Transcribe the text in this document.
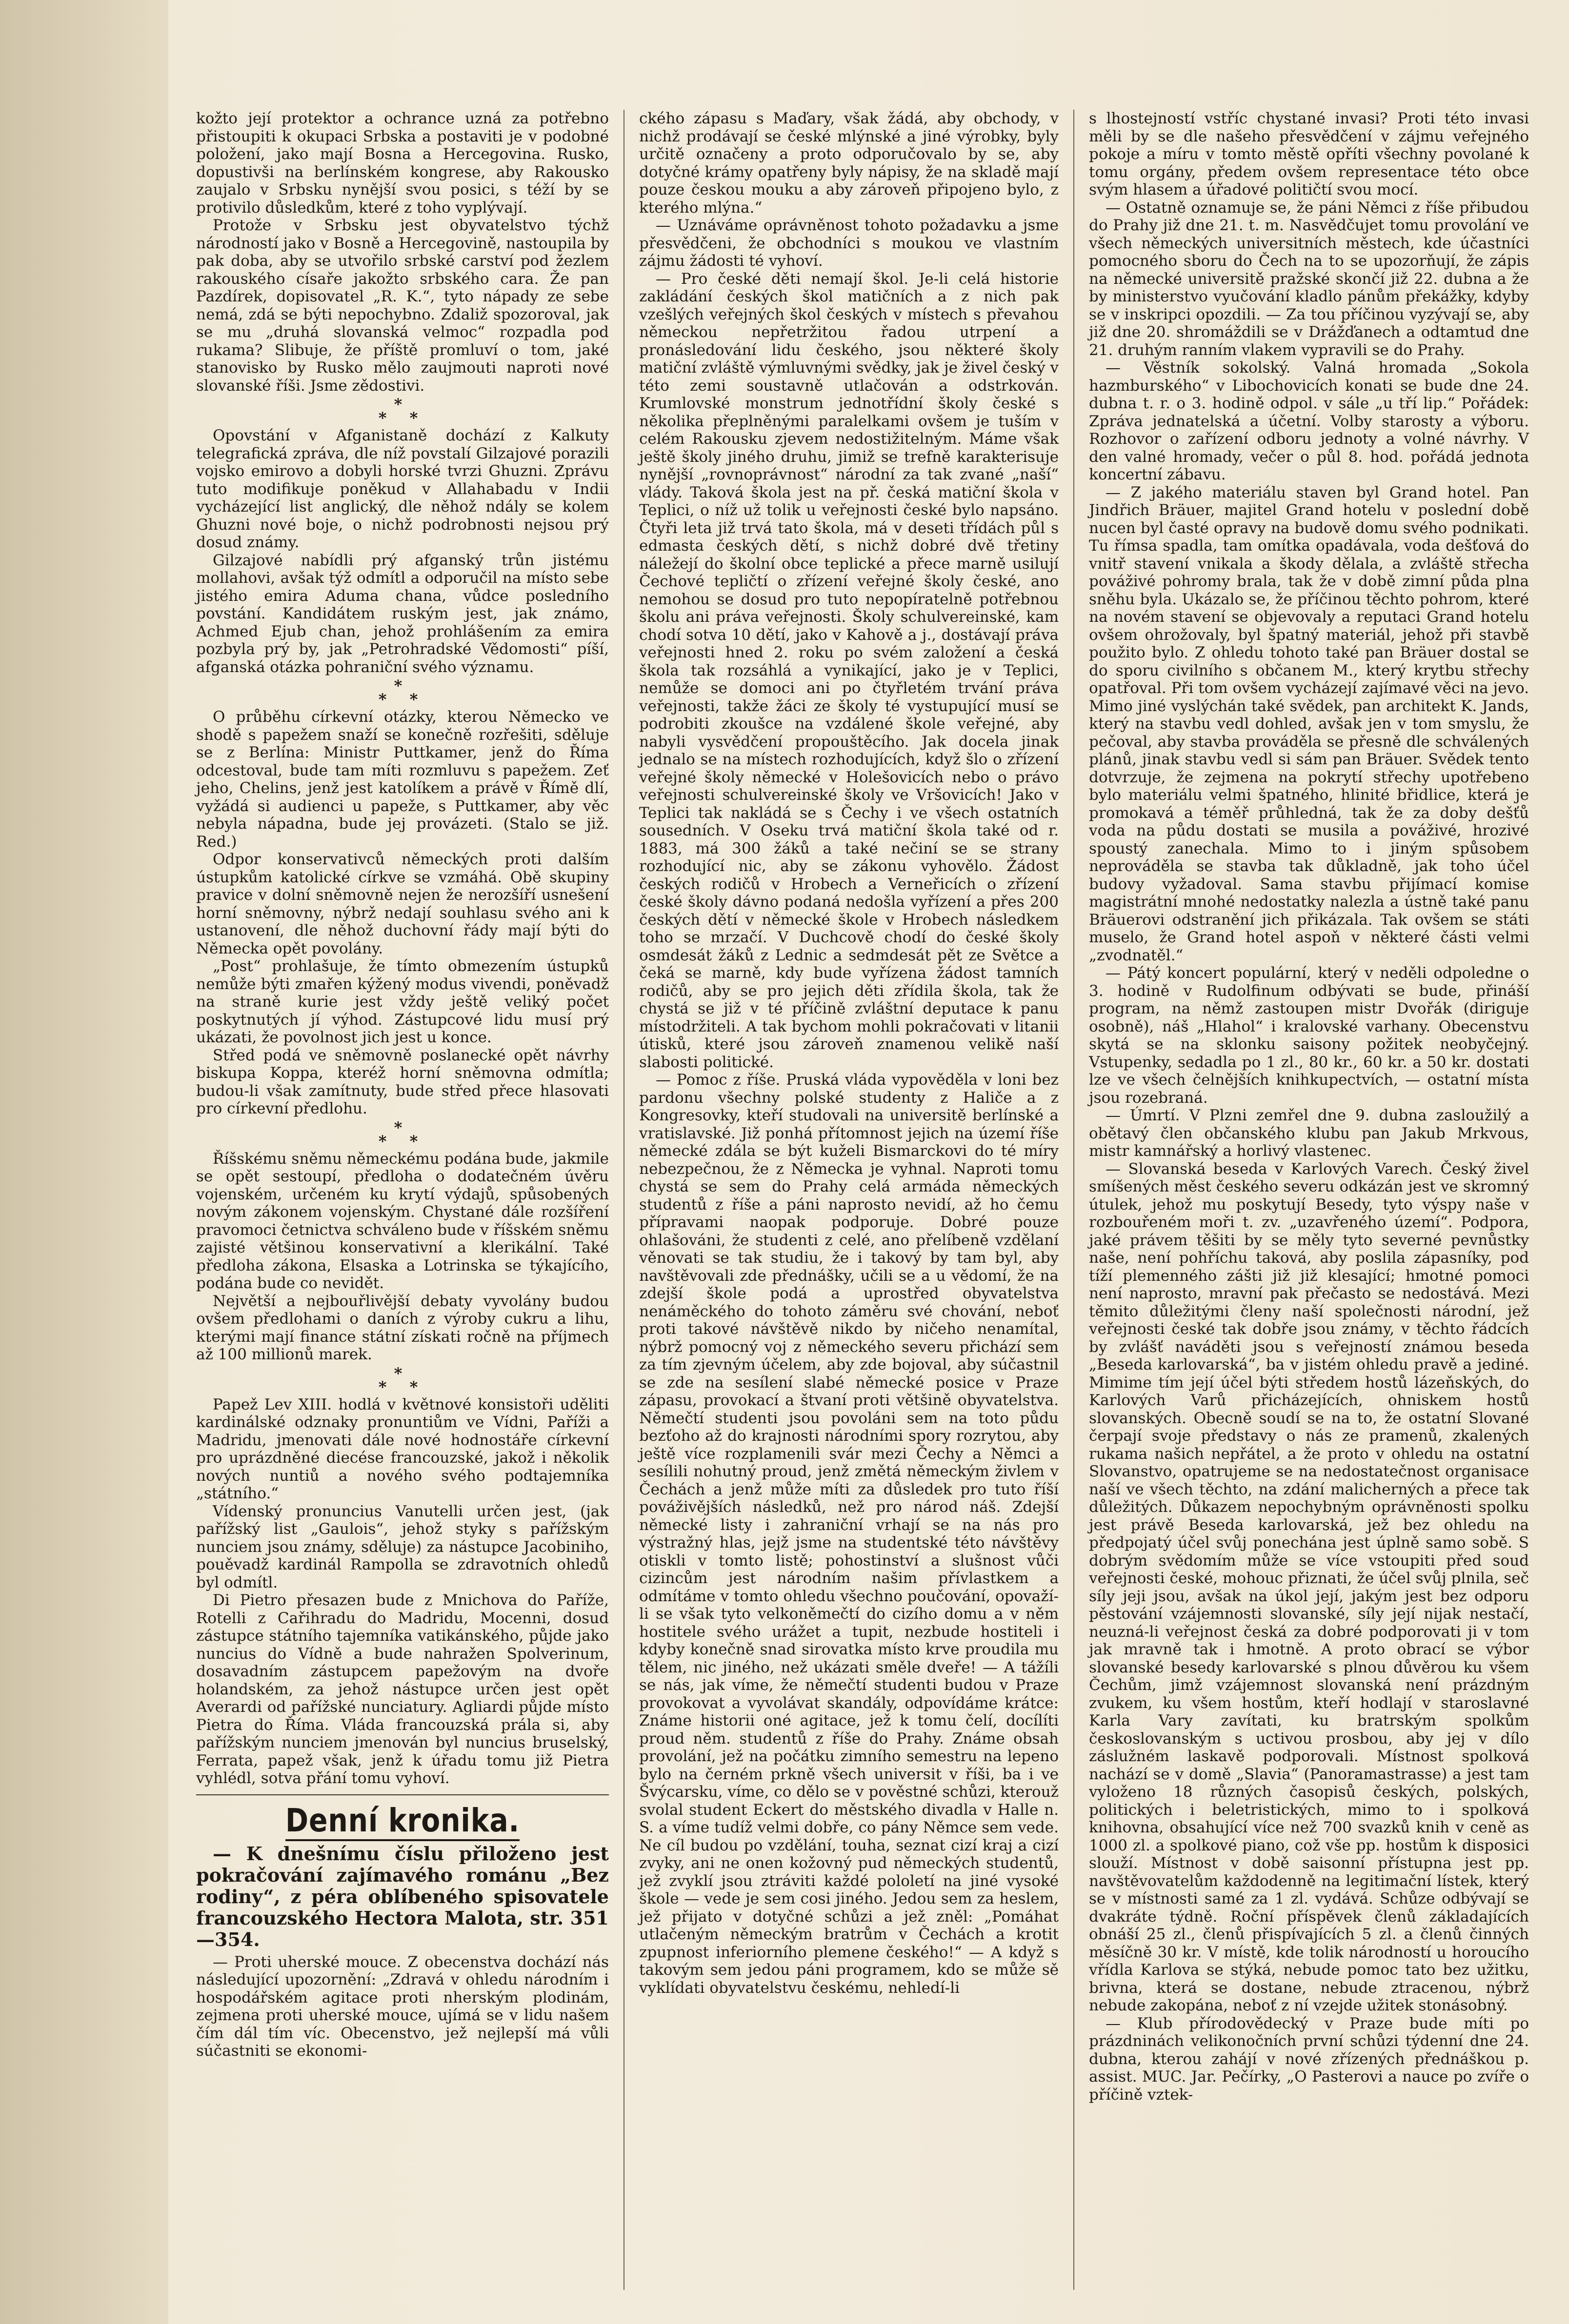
kožto její protektor a ochrance uzná za potřebno přistoupiti k okupaci Srbska a postaviti je v podobné položení, jako mají Bosna a Hercegovina. Rusko, dopustivši na berlínském kongrese, aby Rakousko zaujalo v Srbsku nynější svou posici, s téží by se protivilo důsledkům, které z toho vyplývají.

Protože v Srbsku jest obyvatelstvo týchž národností jako v Bosně a Hercegovině, nastoupila by pak doba, aby se utvořilo srbské carství pod žezlem rakouského císaře jakožto srbského cara. Že pan Pazdírek, dopisovatel „R. K.“, tyto nápady ze sebe nemá, zdá se býti nepochybno. Zdaliž spozoroval, jak se mu „druhá slovanská velmoc“ rozpadla pod rukama? Slibuje, že příště promluví o tom, jaké stanovisko by Rusko mělo zaujmouti naproti nové slovanské říši. Jsme zědostivi.

*
* *

Opovstání v Afganistaně dochází z Kalkuty telegrafická zpráva, dle níž povstalí Gilzajové porazili vojsko emirovo a dobyli horské tvrzi Ghuzni. Zprávu tuto modifikuje poněkud v Allahabadu v Indii vycházející list anglický, dle něhož ndály se kolem Ghuzni nové boje, o nichž podrobnosti nejsou prý dosud známy.

Gilzajové nabídli prý afganský trůn jistému mollahovi, avšak týž odmítl a odporučil na místo sebe jistého emira Aduma chana, vůdce posledního povstání. Kandidátem ruským jest, jak známo, Achmed Ejub chan, jehož prohlášením za emira pozbyla prý by, jak „Petrohradské Vědomosti“ píší, afganská otázka pohraniční svého významu.

*
* *

O průběhu církevní otázky, kterou Německo ve shodě s papežem snaží se konečně rozřešiti, sděluje se z Berlína: Ministr Puttkamer, jenž do Říma odcestoval, bude tam míti rozmluvu s papežem. Zeť jeho, Chelins, jenž jest katolíkem a právě v Římě dlí, vyžádá si audienci u papeže, s Puttkamer, aby věc nebyla nápadna, bude jej provázeti. (Stalo se již. Red.)

Odpor konservativců německých proti dalším ústupkům katolické církve se vzmáhá. Obě skupiny pravice v dolní sněmovně nejen že nerozšíří usnešení horní sněmovny, nýbrž nedají souhlasu svého ani k ustanovení, dle něhož duchovní řády mají býti do Německa opět povolány.

„Post“ prohlašuje, že tímto obmezením ústupků nemůže býti zmařen kýžený modus vivendi, poněvadž na straně kurie jest vždy ještě veliký počet poskytnutých jí výhod. Zástupcové lidu musí prý ukázati, že povolnost jich jest u konce.

Střed podá ve sněmovně poslanecké opět návrhy biskupa Koppa, kteréž horní sněmovna odmítla; budou-li však zamítnuty, bude střed přece hlasovati pro církevní předlohu.

*
* *

Říšskému sněmu německému podána bude, jakmile se opět sestoupí, předloha o dodatečném úvěru vojenském, určeném ku krytí výdajů, spůsobených novým zákonem vojenským. Chystané dále rozšíření pravomoci četnictva schváleno bude v říšském sněmu zajisté většinou konservativní a klerikální. Také předloha zákona, Elsaska a Lotrinska se týkajícího, podána bude co nevidět.

Největší a nejbouřlivější debaty vyvolány budou ovšem předlohami o daních z výroby cukru a lihu, kterými mají finance státní získati ročně na příjmech až 100 millionů marek.

*
* *

Papež Lev XIII. hodlá v květnové konsistoři uděliti kardinálské odznaky pronuntiům ve Vídni, Paříži a Madridu, jmenovati dále nové hodnostáře církevní pro uprázdněné diecése francouzské, jakož i několik nových nuntiů a nového svého podtajemníka „státního.“

Vídenský pronuncius Vanutelli určen jest, (jak pařížský list „Gaulois“, jehož styky s pařížským nunciem jsou známy, sděluje) za nástupce Jacobiniho, pouěvadž kardinál Rampolla se zdravotních ohledů byl odmítl.

Di Pietro přesazen bude z Mnichova do Paříže, Rotelli z Cařihradu do Madridu, Mocenni, dosud zástupce státního tajemníka vatikánského, půjde jako nuncius do Vídně a bude nahražen Spolverinum, dosavadním zástupcem papežovým na dvoře holandském, za jehož nástupce určen jest opět Averardi od pařížské nunciatury. Agliardi půjde místo Pietra do Říma. Vláda francouzská prála si, aby pařížským nunciem jmenován byl nuncius bruselský, Ferrata, papež však, jenž k úřadu tomu již Pietra vyhlédl, sotva přání tomu vyhoví.

Denní kronika.

— K dnešnímu číslu přiloženo jest pokračování zajímavého románu „Bez rodiny“, z péra oblíbeného spisovatele francouzského Hectora Malota, str. 351—354.

— Proti uherské mouce. Z obecenstva dochází nás následující upozornění: „Zdravá v ohledu národním i hospodářském agitace proti nherským plodinám, zejmena proti uherské mouce, ujímá se v lidu našem čím dál tím víc. Obecenstvo, jež nejlepší má vůli súčastniti se ekonomi-

ckého zápasu s Maďary, však žádá, aby obchody, v nichž prodávají se české mlýnské a jiné výrobky, byly určitě označeny a proto odporučovalo by se, aby dotyčné krámy opatřeny byly nápisy, že na skladě mají pouze českou mouku a aby zároveň připojeno bylo, z kterého mlýna.“

— Uznáváme oprávněnost tohoto požadavku a jsme přesvědčeni, že obchodníci s moukou ve vlastním zájmu žádosti té vyhoví.

— Pro české děti nemají škol. Je-li celá historie zakládání českých škol matičních a z nich pak vzešlých veřejných škol českých v místech s převahou německou nepřetržitou řadou utrpení a pronásledování lidu českého, jsou některé školy matiční zvláště výmluvnými svědky, jak je živel český v této zemi soustavně utlačován a odstrkován. Krumlovské monstrum jednotřídní školy české s několika přeplněnými paralelkami ovšem je tuším v celém Rakousku zjevem nedostižitelným. Máme však ještě školy jiného druhu, jimiž se trefně karakterisuje nynější „rovnoprávnost“ národní za tak zvané „naší“ vlády. Taková škola jest na př. česká matiční škola v Teplici, o níž už tolik u veřejnosti české bylo napsáno. Čtyři leta již trvá tato škola, má v deseti třídách půl s edmasta českých dětí, s nichž dobré dvě třetiny náležejí do školní obce teplické a přece marně usilují Čechové tepličtí o zřízení veřejné školy české, ano nemohou se dosud pro tuto nepopíratelně potřebnou školu ani práva veřejnosti. Školy schulvereinské, kam chodí sotva 10 dětí, jako v Kahově a j., dostávají práva veřejnosti hned 2. roku po svém založení a česká škola tak rozsáhlá a vynikající, jako je v Teplici, nemůže se domoci ani po čtyřletém trvání práva veřejnosti, takže žáci ze školy té vystupující musí se podrobiti zkoušce na vzdálené škole veřejné, aby nabyli vysvědčení propouštěcího. Jak docela jinak jednalo se na místech rozhodujících, když šlo o zřízení veřejné školy německé v Holešovicích nebo o právo veřejnosti schulvereinské školy ve Vršovicích! Jako v Teplici tak nakládá se s Čechy i ve všech ostatních sousedních. V Oseku trvá matiční škola také od r. 1883, má 300 žáků a také nečiní se se strany rozhodující nic, aby se zákonu vyhovělo. Žádost českých rodičů v Hrobech a Verneřicích o zřízení české školy dávno podaná nedošla vyřízení a přes 200 českých dětí v německé škole v Hrobech následkem toho se mrzačí. V Duchcově chodí do české školy osmdesát žáků z Lednic a sedmdesát pět ze Světce a čeká se marně, kdy bude vyřízena žádost tamních rodičů, aby se pro jejich děti zřídila škola, tak že chystá se již v té příčině zvláštní deputace k panu místodržiteli. A tak bychom mohli pokračovati v litanii útisků, které jsou zároveň znamenou velikě naší slabosti politické.

— Pomoc z říše. Pruská vláda vypověděla v loni bez pardonu všechny polské studenty z Haliče a z Kongresovky, kteří studovali na universitě berlínské a vratislavské. Již ponhá přítomnost jejich na území říše německé zdála se být kuželi Bismarckovi do té míry nebezpečnou, že z Německa je vyhnal. Naproti tomu chystá se sem do Prahy celá armáda německých studentů z říše a páni naprosto nevidí, až ho čemu přípravami naopak podporuje. Dobré pouze ohlašováni, že studenti z celé, ano přelíbeně vzdělaní věnovati se tak studiu, že i takový by tam byl, aby navštěvovali zde přednášky, učili se a u vědomí, že na zdejší škole podá a uprostřed obyvatelstva nenáměckého do tohoto záměru své chování, neboť proti takové návštěvě nikdo by ničeho nenamítal, nýbrž pomocný voj z německého severu přichází sem za tím zjevným účelem, aby zde bojoval, aby súčastnil se zde na sesílení slabé německé posice v Praze zápasu, provokací a štvaní proti většině obyvatelstva. Němečtí studenti jsou povoláni sem na toto půdu bezťoho až do krajnosti národními spory rozrytou, aby ještě více rozplamenili svár mezi Čechy a Němci a sesílili nohutný proud, jenž změtá německým živlem v Čechách a jenž může míti za důsledek pro tuto říší pováživějších následků, než pro národ náš. Zdejší německé listy i zahraniční vrhají se na nás pro výstražný hlas, jejž jsme na studentské této návštěvy otiskli v tomto listě; pohostinství a slušnost vůči cizincům jest národním našim přívlastkem a odmítáme v tomto ohledu všechno poučování, opovaží-li se však tyto velkoněmečtí do cizího domu a v něm hostitele svého urážet a tupit, nezbude hostiteli i kdyby konečně snad sirovatka místo krve proudila mu tělem, nic jiného, než ukázati směle dveře! — A tážíli se nás, jak víme, že němečtí studenti budou v Praze provokovat a vyvolávat skandály, odpovídáme krátce: Známe historii oné agitace, jež k tomu čelí, docílíti proud něm. studentů z říše do Prahy. Známe obsah provolání, jež na počátku zimního semestru na lepeno bylo na černém prkně všech universit v říši, ba i ve Švýcarsku, víme, co dělo se v pověstné schůzi, kterouž svolal student Eckert do městského divadla v Halle n. S. a víme tudíž velmi dobře, co pány Němce sem vede. Ne cíl budou po vzdělání, touha, seznat cizí kraj a cizí zvyky, ani ne onen kožovný pud německých studentů, jež zvyklí jsou ztráviti každé pololetí na jiné vysoké škole — vede je sem cosi jiného. Jedou sem za heslem, jež přijato v dotyčné schůzi a jež zněl: „Pomáhat utlačeným německým bratrům v Čechách a krotit zpupnost inferiorního plemene českého!“ — A když s takovým sem jedou páni programem, kdo se může sě vyklídati obyvatelstvu českému, nehledí-li

s lhostejností vstříc chystané invasi? Proti této invasi měli by se dle našeho přesvědčení v zájmu veřejného pokoje a míru v tomto městě opříti všechny povolané k tomu orgány, předem ovšem representace této obce svým hlasem a úřadové političtí svou mocí.

— Ostatně oznamuje se, že páni Němci z říše přibudou do Prahy již dne 21. t. m. Nasvědčujet tomu provolání ve všech německých universitních městech, kde účastníci pomocného sboru do Čech na to se upozorňují, že zápis na německé universitě pražské skončí již 22. dubna a že by ministerstvo vyučování kladlo pánům překážky, kdyby se v inskripci opozdili. — Za tou příčinou vyzývají se, aby již dne 20. shromáždili se v Drážďanech a odtamtud dne 21. druhým ranním vlakem vypravili se do Prahy.

— Věstník sokolský. Valná hromada „Sokola hazmburského“ v Libochovicích konati se bude dne 24. dubna t. r. o 3. hodině odpol. v sále „u tří lip.“ Pořádek: Zpráva jednatelská a účetní. Volby starosty a výboru. Rozhovor o zařízení odboru jednoty a volné návrhy. V den valné hromady, večer o půl 8. hod. pořádá jednota koncertní zábavu.

— Z jakého materiálu staven byl Grand hotel. Pan Jindřich Bräuer, majitel Grand hotelu v poslední době nucen byl časté opravy na budově domu svého podnikati. Tu římsa spadla, tam omítka opadávala, voda dešťová do vnitř stavení vnikala a škody dělala, a zvláště střecha pováživé pohromy brala, tak že v době zimní půda plna sněhu byla. Ukázalo se, že příčinou těchto pohrom, které na novém stavení se objevovaly a reputaci Grand hotelu ovšem ohrožovaly, byl špatný materiál, jehož při stavbě použito bylo. Z ohledu tohoto také pan Bräuer dostal se do sporu civilního s občanem M., který krytbu střechy opatřoval. Při tom ovšem vycházejí zajímavé věci na jevo. Mimo jiné vyslýchán také svědek, pan architekt K. Jands, který na stavbu vedl dohled, avšak jen v tom smyslu, že pečoval, aby stavba prováděla se přesně dle schválených plánů, jinak stavbu vedl si sám pan Bräuer. Svědek tento dotvrzuje, že zejmena na pokrytí střechy upotřebeno bylo materiálu velmi špatného, hlinité břidlice, která je promokavá a téměř průhledná, tak že za doby dešťů voda na půdu dostati se musila a pováživé, hrozivé spoustý zanechala. Mimo to i jiným spůsobem neprováděla se stavba tak důkladně, jak toho účel budovy vyžadoval. Sama stavbu přijímací komise magistrátní mnohé nedostatky nalezla a ústně také panu Bräuerovi odstranění jich přikázala. Tak ovšem se státi muselo, že Grand hotel aspoň v některé části velmi „zvodnatěl.“

— Pátý koncert populární, který v neděli odpoledne o 3. hodině v Rudolfinum odbývati se bude, přináší program, na němž zastoupen mistr Dvořák (diriguje osobně), náš „Hlahol“ i kralovské varhany. Obecenstvu skytá se na sklonku saisony požitek neobyčejný. Vstupenky, sedadla po 1 zl., 80 kr., 60 kr. a 50 kr. dostati lze ve všech čelnějších knihkupectvích, — ostatní místa jsou rozebraná.

— Úmrtí. V Plzni zemřel dne 9. dubna zasloužilý a obětavý člen občanského klubu pan Jakub Mrkvous, mistr kamnářský a horlivý vlastenec.

— Slovanská beseda v Karlových Varech. Český živel smíšených měst českého severu odkázán jest ve skromný útulek, jehož mu poskytují Besedy, tyto výspy naše v rozbouřeném moři t. zv. „uzavřeného území“. Podpora, jaké právem těšiti by se měly tyto severné pevnůstky naše, není pohříchu taková, aby poslila zápasníky, pod tíží plemenného zášti již již klesající; hmotné pomoci není naprosto, mravní pak přečasto se nedostává. Mezi těmito důležitými členy naší společnosti národní, jež veřejnosti české tak dobře jsou známy, v těchto řádcích by zvlášť naváděti jsou s veřejností známou beseda „Beseda karlovarská“, ba v jistém ohledu pravě a jediné. Mimime tím její účel býti středem hostů lázeňských, do Karlových Varů přicházejících, ohniskem hostů slovanských. Obecně soudí se na to, že ostatní Slované čerpají svoje představy o nás ze pramenů, zkalených rukama našich nepřátel, a že proto v ohledu na ostatní Slovanstvo, opatrujeme se na nedostatečnost organisace naší ve všech těchto, na zdání malicherných a přece tak důležitých. Důkazem nepochybným oprávněnosti spolku jest právě Beseda karlovarská, jež bez ohledu na předpojatý účel svůj ponechána jest úplně samo sobě. S dobrým svědomím může se více vstoupiti před soud veřejnosti české, mohouc přiznati, že účel svůj plnila, seč síly jeji jsou, avšak na úkol její, jakým jest bez odporu pěstování vzájemnosti slovanské, síly její nijak nestačí, neuzná-li veřejnost česká za dobré podporovati ji v tom jak mravně tak i hmotně. A proto obrací se výbor slovanské besedy karlovarské s plnou důvěrou ku všem Čechům, jimž vzájemnost slovanská není prázdným zvukem, ku všem hostům, kteří hodlají v staroslavné Karla Vary zavítati, ku bratrským spolkům českoslovanským s uctivou prosbou, aby jej v dílo záslužném laskavě podporovali. Místnost spolková nachází se v domě „Slavia“ (Panoramastrasse) a jest tam vyloženo 18 různých časopisů českých, polských, politických i beletristických, mimo to i spolková knihovna, obsahující více než 700 svazků knih v ceně as 1000 zl. a spolkové piano, což vše pp. hostům k disposici slouží. Místnost v době saisonní přístupna jest pp. navštěvovatelům každodenně na legitimační lístek, který se v místnosti samé za 1 zl. vydává. Schůze odbývají se dvakráte týdně. Roční příspěvek členů základajících obnáší 25 zl., členů přispívajících 5 zl. a členů činných měsíčně 30 kr. V místě, kde tolik národností u horoucího vřídla Karlova se stýká, nebude pomoc tato bez užitku, brivna, která se dostane, nebude ztracenou, nýbrž nebude zakopána, neboť z ní vzejde užitek stonásobný.

— Klub přírodovědecký v Praze bude míti po prázdninách velikonočních první schůzi týdenní dne 24. dubna, kterou zahájí v nové zřízených přednáškou p. assist. MUC. Jar. Pečírky, „O Pasterovi a nauce po zvíře o příčině vztek-
